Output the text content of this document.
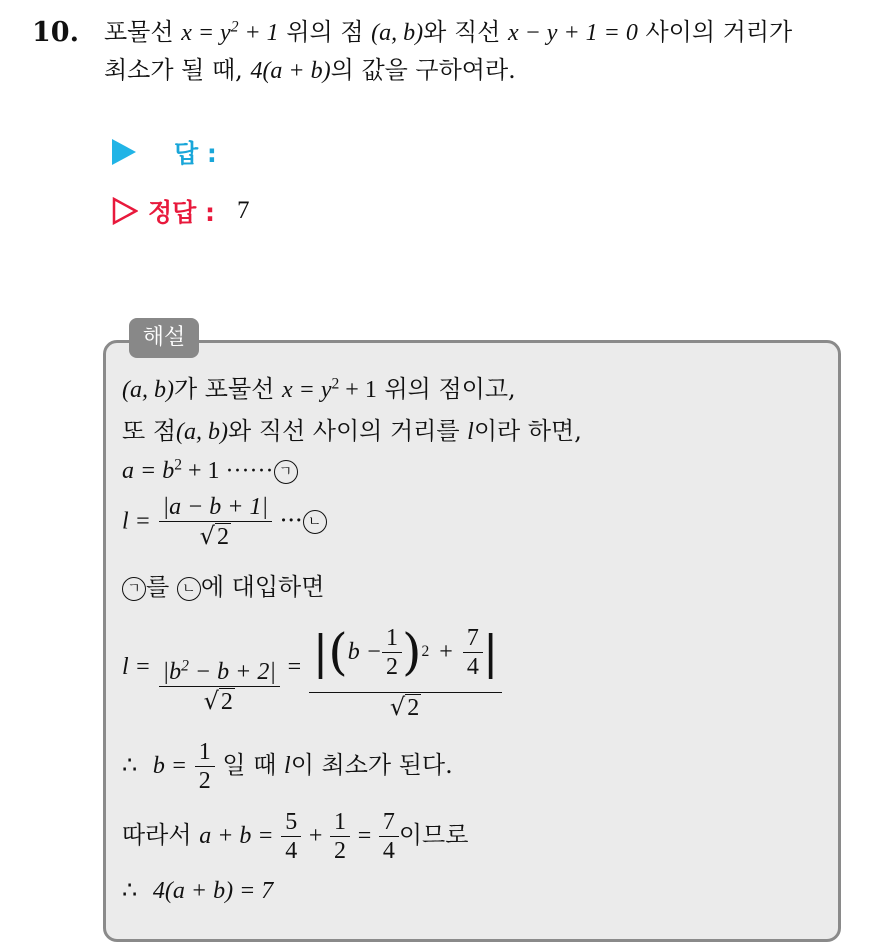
10. 포물선 $x = y^2 + 1$ 위의 점 (a, b)와 직선 x − y + 1 = 0 사이의 거리가
최소가 될 때, 4(a + b)의 값을 구하여라.
답 :
정답 : 7
해설
(a, b)가 포물선 $x = y^2 + 1$ 위의 점이고,
또 점(a, b)와 직선 사이의 거리를 l이라 하면,
$a = b^2 + 1$ ······ ㄱ
$l = \frac{|a - b + 1|}{√2}$ ··· ㄴ
ㄱ 를 ㄴ 에 대입하면
$l = \frac{|b^2 - b + 2|}{√2}$ = | ( $b - \frac{1}{2}$ ) $2 + \frac{7}{4}$ |
√2
∴ $b = \frac{1}{2}$ 일 때 l이 최소가 된다.
따라서 $a + b = \frac{5}{4} + \frac{1}{2} = \frac{7}{4}$ 이므로
∴ 4(a + b) = 7
